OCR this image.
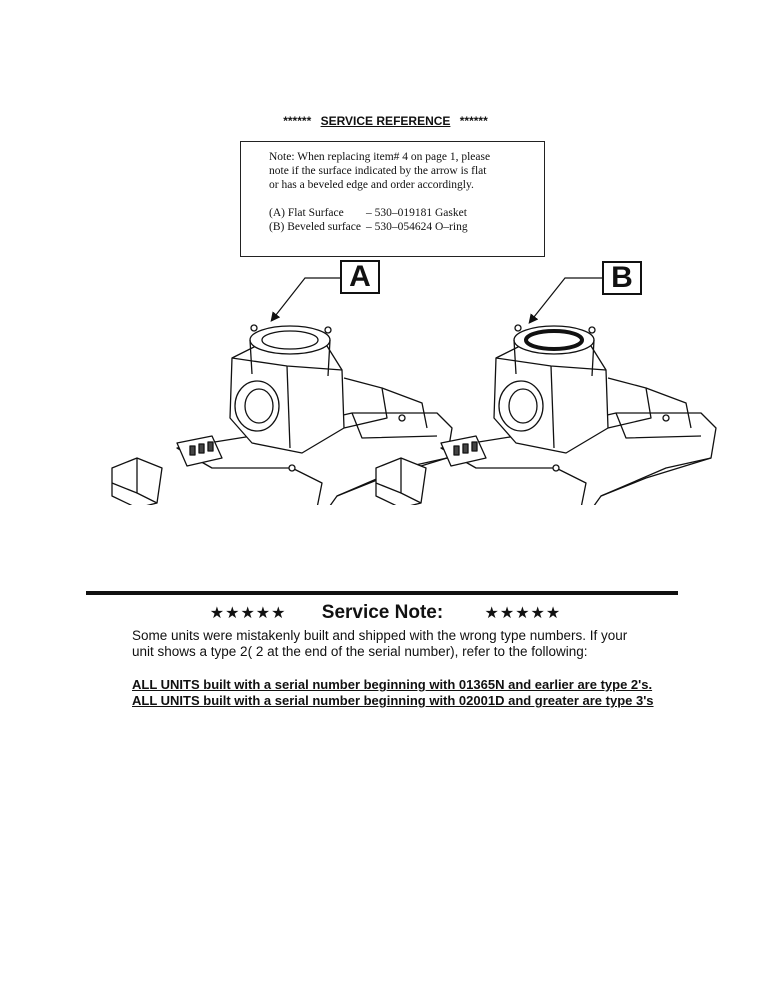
****** SERVICE REFERENCE ******
Note: When replacing item# 4 on page 1, please
note if the surface indicated by the arrow is flat
or has a beveled edge and order accordingly.
(A) Flat Surface	– 530–019181 Gasket
(B) Beveled surface – 530–054624 O–ring
A	B
★★★★★ Service Note:	★★★★★
Some units were mistakenly built and shipped with the wrong type numbers. If your
unit shows a type 2( 2 at the end of the serial number), refer to the following:
ALL UNITS built with a serial number beginning with 01365N and earlier are type 2's.
ALL UNITS built with a serial number beginning with 02001D and greater are type 3's
